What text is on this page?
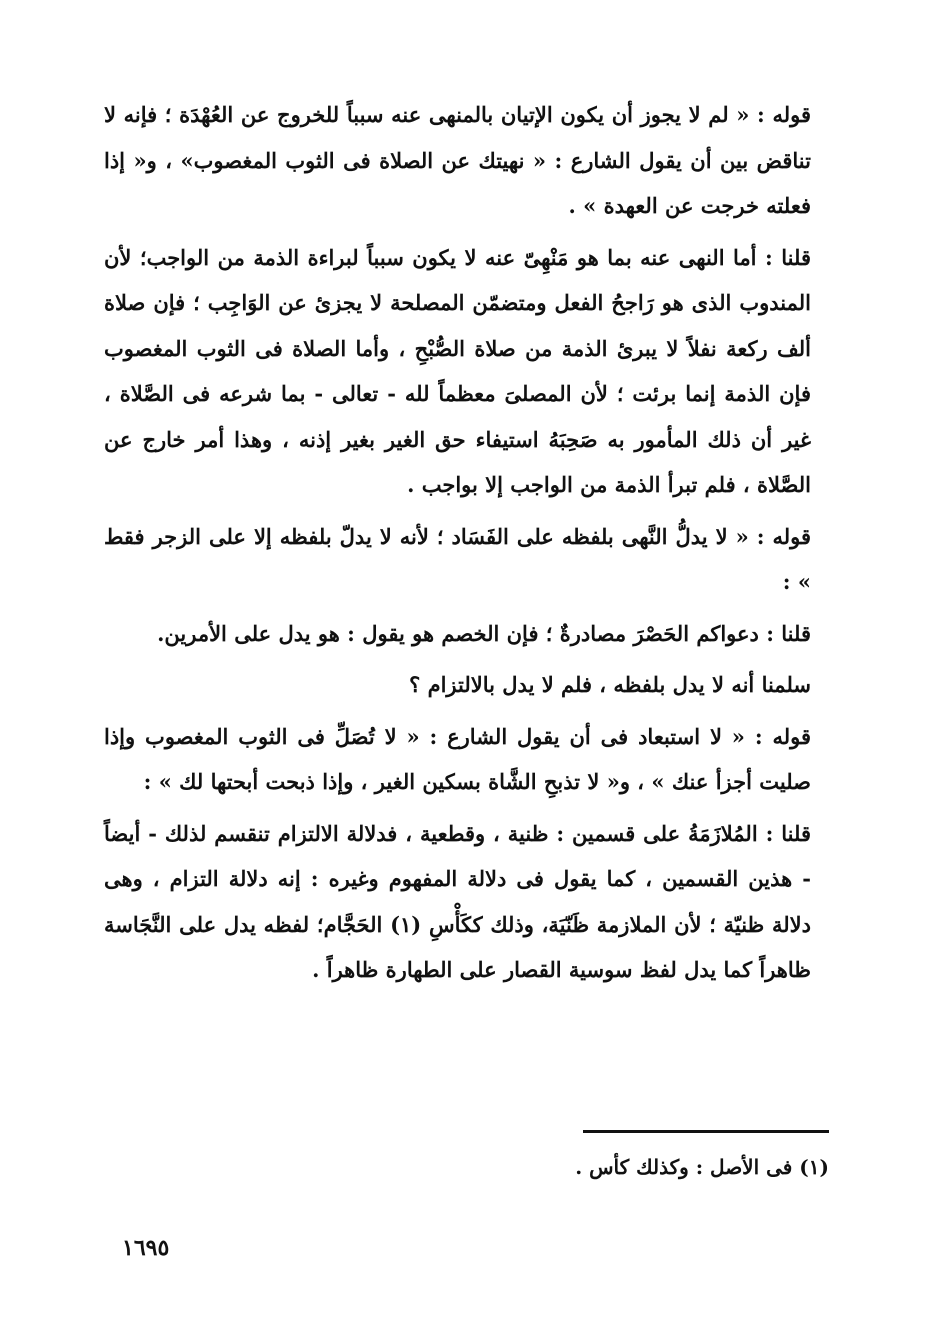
قوله : « لم لا يجوز أن يكون الإتيان بالمنهى عنه سبباً للخروج عن العُهْدَة ؛ فإنه لا تناقض بين أن يقول الشارع : « نهيتك عن الصلاة فى الثوب المغصوب» ، و« إذا فعلته خرجت عن العهدة » .

قلنا : أما النهى عنه بما هو مَنْهِىّ عنه لا يكون سبباً لبراءة الذمة من الواجب؛ لأن المندوب الذى هو رَاجحُ الفعل ومتضمّن المصلحة لا يجزئ عن الوَاجِب ؛ فإن صلاة ألف ركعة نفلاً لا يبرئ الذمة من صلاة الصُّبْحِ ، وأما الصلاة فى الثوب المغصوب فإن الذمة إنما برئت ؛ لأن المصلىَ معظماً لله - تعالى - بما شرعه فى الصَّلاة ، غير أن ذلك المأمور به صَحِبَهُ استيفاء حق الغير بغير إذنه ، وهذا أمر خارج عن الصَّلاة ، فلم تبرأ الذمة من الواجب إلا بواجب .

قوله : « لا يدلُّ النَّهى بلفظه على الفَسَاد ؛ لأنه لا يدلّ بلفظه إلا على الزجر فقط » :

قلنا : دعواكم الحَصْرَ مصادرةٌ ؛ فإن الخصم هو يقول : هو يدل على الأمرين.

سلمنا أنه لا يدل بلفظه ، فلم لا يدل بالالتزام ؟

قوله : « لا استبعاد فى أن يقول الشارع : « لا تُصَلِّ فى الثوب المغصوب وإذا صليت أجزأ عنك » ، و« لا تذبحِ الشَّاة بسكين الغير ، وإذا ذبحت أبحتها لك » :

قلنا : المُلازَمَةُ على قسمين : ظنية ، وقطعية ، فدلالة الالتزام تنقسم لذلك - أيضاً - هذين القسمين ، كما يقول فى دلالة المفهوم وغيره : إنه دلالة التزام ، وهى دلالة ظنيّة ؛ لأن الملازمة ظَنّيَة، وذلك ككَأْسِ (١) الحَجَّام؛ لفظه يدل على النَّجَاسة ظاهراً كما يدل لفظ سوسية القصار على الطهارة ظاهراً .

(١) فى الأصل : وكذلك كأس .
١٦٩٥
